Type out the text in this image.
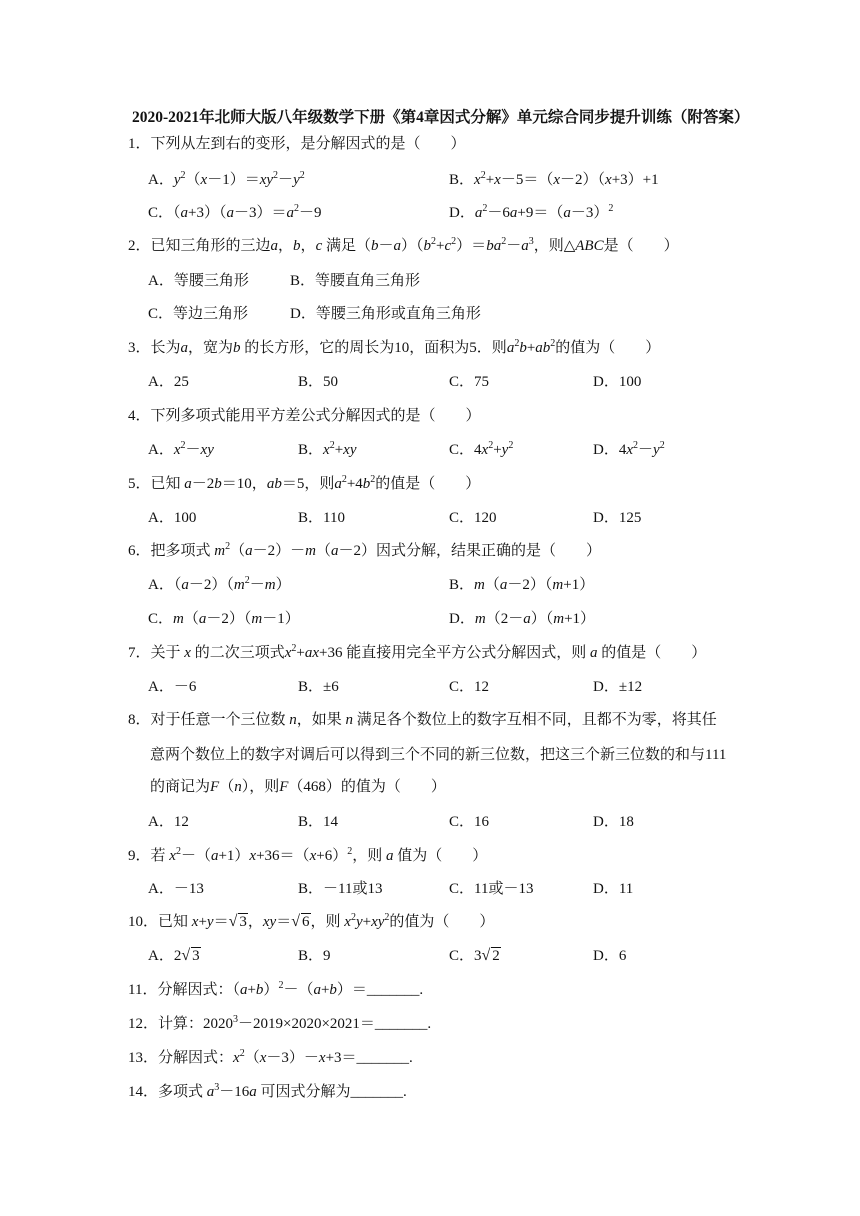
2020-2021年北师大版八年级数学下册《第4章因式分解》单元综合同步提升训练（附答案）
1．下列从左到右的变形，是分解因式的是（　　）
A．$y^2(x-1)=xy^2-y^2$	B．$x^2+x-5=(x-2)(x+3)+1$
C．$(a+3)(a-3)=a^2-9$	D．$a^2-6a+9=(a-3)^2$
2．已知三角形的三边a，b，c 满足$(b-a)(b^2+c^2)=ba^2-a^3$，则△ABC是（　　）
A．等腰三角形	B．等腰直角三角形
C．等边三角形	D．等腰三角形或直角三角形
3．长为a，宽为b 的长方形，它的周长为10，面积为5．则$a^2b+ab^2$的值为（　　）
A．25	B．50	C．75	D．100
4．下列多项式能用平方差公式分解因式的是（　　）
A．$x^2-xy$	B．$x^2+xy$	C．$4x^2+y^2$	D．$4x^2-y^2$
5．已知 a－2b＝10，ab＝5，则$a^2+4b^2$的值是（　　）
A．100	B．110	C．120	D．125
6．把多项式 $m^2(a-2)-m(a-2)$因式分解，结果正确的是（　　）
A．$(a-2)(m^2-m)$	B．m（a－2）（m+1）
C．m（a－2）（m－1）	D．m（2－a）（m+1）
7．关于 x 的二次三项式$x^2+ax+36$ 能直接用完全平方公式分解因式，则 a 的值是（　　）
A．－6	B．±6	C．12	D．±12
8．对于任意一个三位数 n，如果 n 满足各个数位上的数字互相不同，且都不为零，将其任
意两个数位上的数字对调后可以得到三个不同的新三位数，把这三个新三位数的和与111
的商记为F（n），则F（468）的值为（　　）
A．12	B．14	C．16	D．18
9．若 $x^2-(a+1)x+36=(x+6)^2$，则 a 值为（　　）
A．－13	B．－11或13	C．11或－13	D．11
10．已知 x+y＝√ 3，xy＝√ 6，则 $x^2y+xy^2$的值为（　　）
A．2√ 3	B．9	C．3√ 2	D．6
11．分解因式：$(a+b)^2-(a+b)=\_\_\_\_\_\_\_$.
12．计算：$2020^3-2019\times 2020\times 2021=\_\_\_\_\_\_\_$.
13．分解因式：$x^2(x-3)-x+3=\_\_\_\_\_\_\_$.
14．多项式 $a^3-16a$ 可因式分解为_______.
